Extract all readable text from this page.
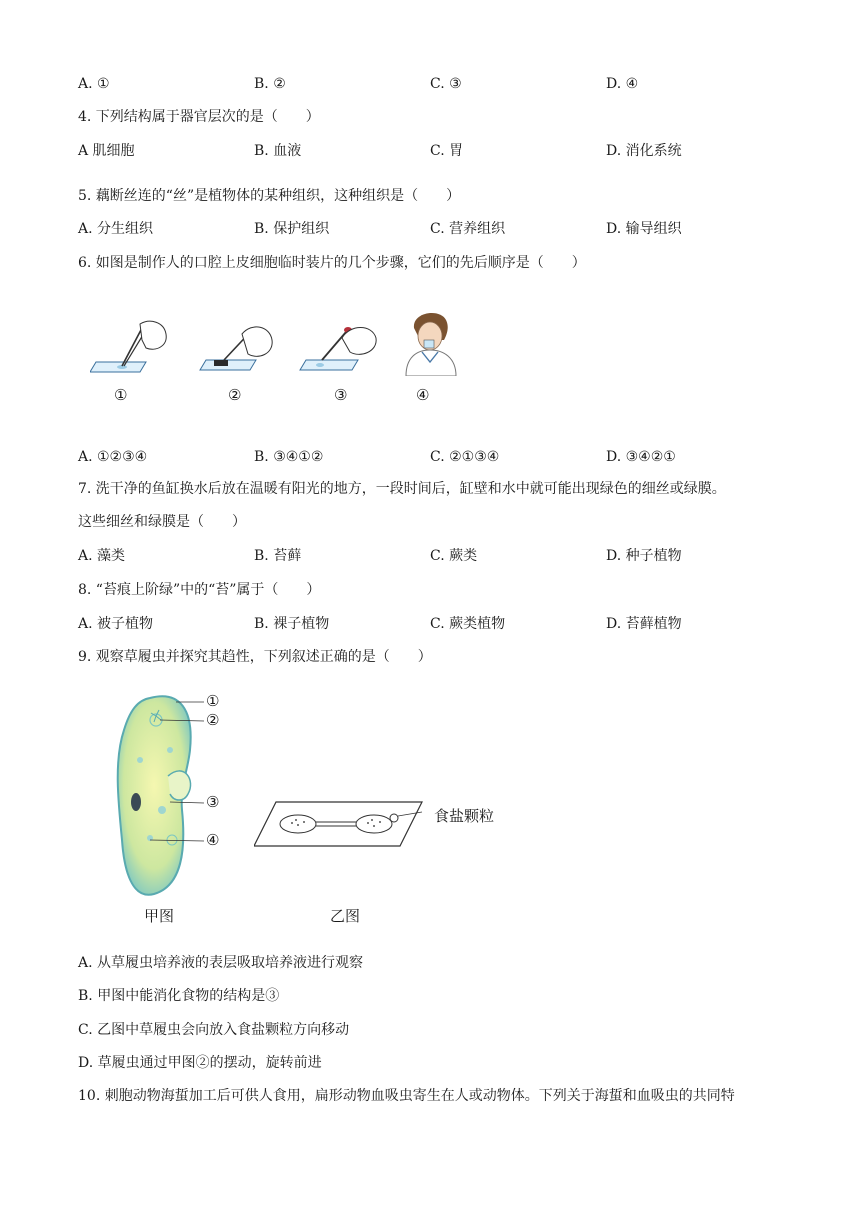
A. ①	B. ②	C. ③	D. ④
4. 下列结构属于器官层次的是（　　）
A 肌细胞	B. 血液	C. 胃	D. 消化系统
5. 藕断丝连的“丝”是植物体的某种组织，这种组织是（　　）
A. 分生组织	B. 保护组织	C. 营养组织	D. 输导组织
6. 如图是制作人的口腔上皮细胞临时装片的几个步骤，它们的先后顺序是（　　）
①	②	③	④
A. ①②③④	B. ③④①②	C. ②①③④	D. ③④②①
7. 洗干净的鱼缸换水后放在温暖有阳光的地方，一段时间后，缸壁和水中就可能出现绿色的细丝或绿膜。
这些细丝和绿膜是（　　）
A. 藻类	B. 苔藓	C. 蕨类	D. 种子植物
8. “苔痕上阶绿”中的“苔”属于（　　）
A. 被子植物	B. 裸子植物	C. 蕨类植物	D. 苔藓植物
9. 观察草履虫并探究其趋性，下列叙述正确的是（　　）
①
②
③
④
甲图
食盐颗粒
乙图
A. 从草履虫培养液的表层吸取培养液进行观察
B. 甲图中能消化食物的结构是③
C. 乙图中草履虫会向放入食盐颗粒方向移动
D. 草履虫通过甲图②的摆动，旋转前进
10. 刺胞动物海蜇加工后可供人食用，扁形动物血吸虫寄生在人或动物体。下列关于海蜇和血吸虫的共同特
